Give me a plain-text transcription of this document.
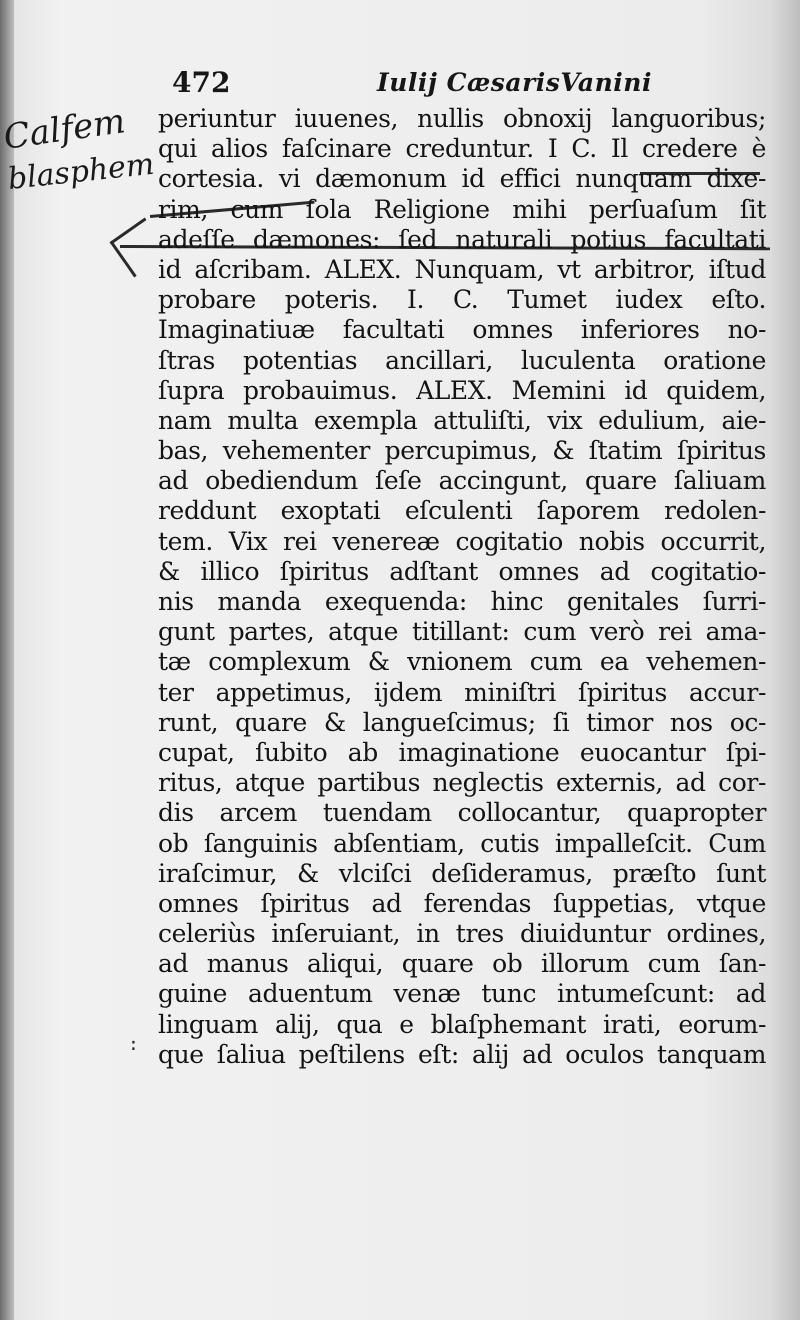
472	Iulij CæsarisVanini
Calfem
blasphem
:
periuntur iuuenes, nullis obnoxij languoribus;
qui alios faſcinare creduntur. I C. Il credere è
cortesia. vi dæmonum id effici nunquam dixe-
rim, cum ſola Religione mihi perſuaſum ſit
adeſſe dæmones: ſed naturali potius facultati
id aſcribam. ALEX. Nunquam, vt arbitror, iſtud
probare poteris. I. C. Tumet iudex eſto.
Imaginatiuæ facultati omnes inferiores no-
ſtras potentias ancillari, luculenta oratione
ſupra probauimus. ALEX. Memini id quidem,
nam multa exempla attuliſti, vix edulium, aie-
bas, vehementer percupimus, & ſtatim ſpiritus
ad obediendum ſeſe accingunt, quare ſaliuam
reddunt exoptati eſculenti ſaporem redolen-
tem. Vix rei venereæ cogitatio nobis occurrit,
& illico ſpiritus adſtant omnes ad cogitatio-
nis manda exequenda: hinc genitales ſurri-
gunt partes, atque titillant: cum verò rei ama-
tæ complexum & vnionem cum ea vehemen-
ter appetimus, ijdem miniſtri ſpiritus accur-
runt, quare & langueſcimus; ſi timor nos oc-
cupat, ſubito ab imaginatione euocantur ſpi-
ritus, atque partibus neglectis externis, ad cor-
dis arcem tuendam collocantur, quapropter
ob ſanguinis abſentiam, cutis impalleſcit. Cum
iraſcimur, & vlciſci deſideramus, præſto ſunt
omnes ſpiritus ad ferendas ſuppetias, vtque
celeriùs inſeruiant, in tres diuiduntur ordines,
ad manus aliqui, quare ob illorum cum ſan-
guine aduentum venæ tunc intumeſcunt: ad
linguam alij, qua e blaſphemant irati, eorum-
que ſaliua peſtilens eſt: alij ad oculos tanquam
